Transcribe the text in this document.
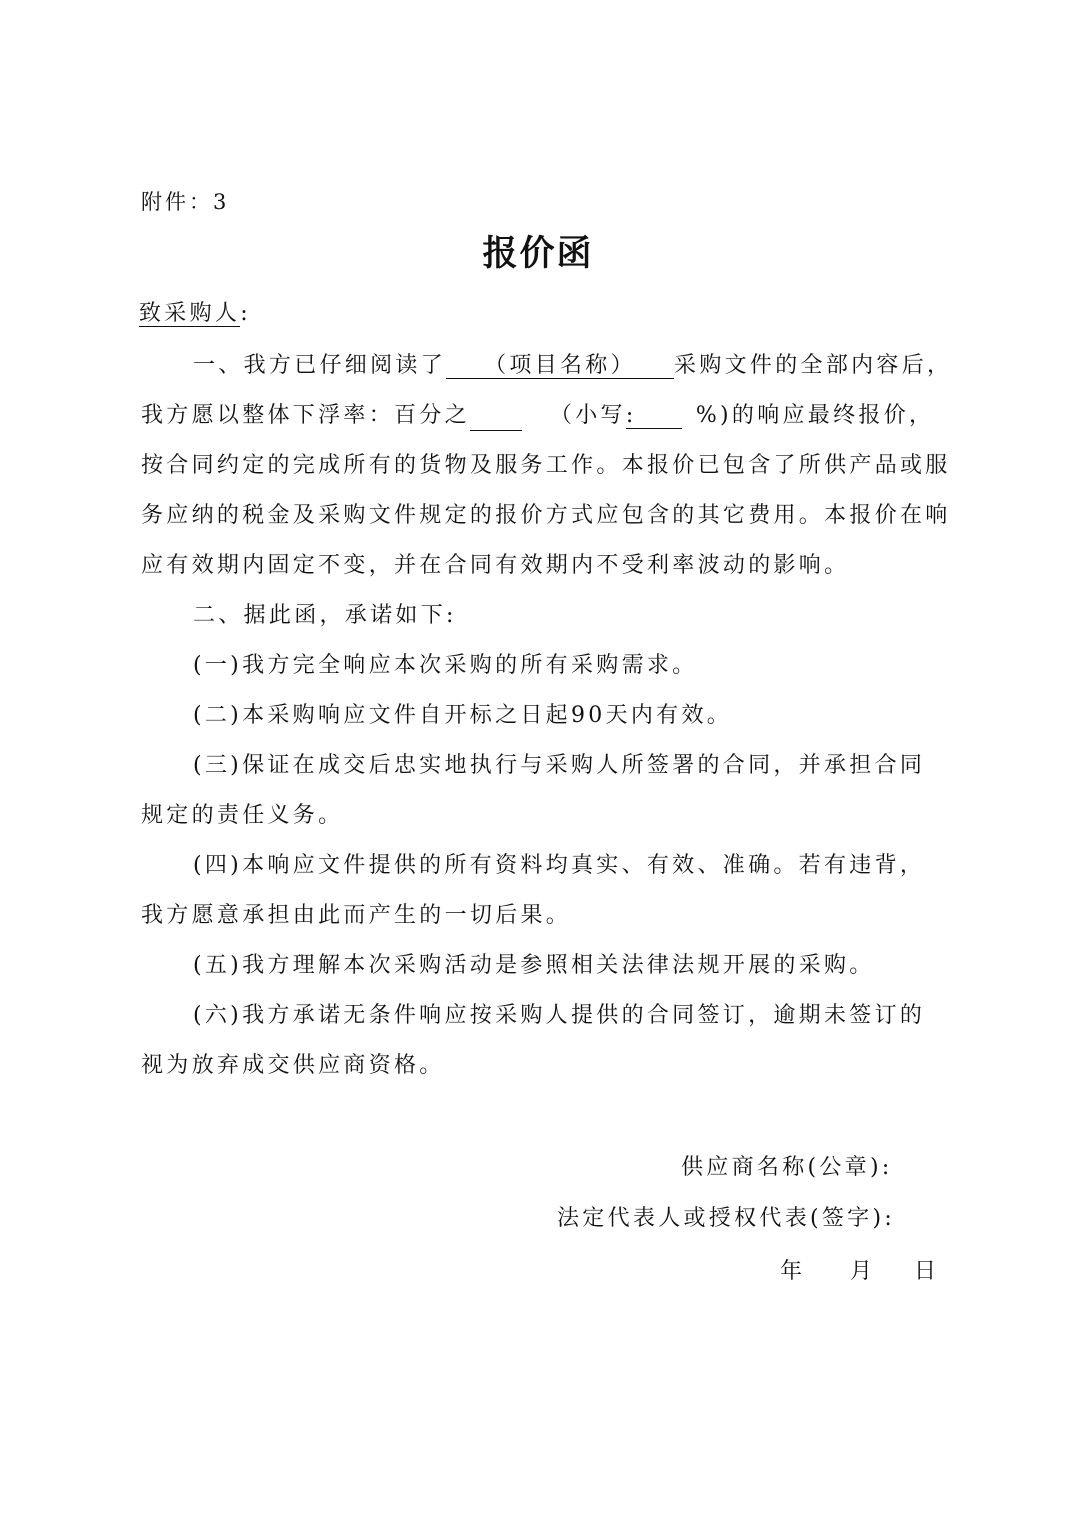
附件：3
报价函
致采购人:
一、我方已仔细阅读了 （项目名称） 采购文件的全部内容后，
我方愿以整体下浮率：百分之	（小写:	%)的响应最终报价，
按合同约定的完成所有的货物及服务工作。本报价已包含了所供产品或服
务应纳的税金及采购文件规定的报价方式应包含的其它费用。本报价在响
应有效期内固定不变，并在合同有效期内不受利率波动的影响。
二、据此函，承诺如下:
(一)我方完全响应本次采购的所有采购需求。
(二)本采购响应文件自开标之日起90天内有效。
(三)保证在成交后忠实地执行与采购人所签署的合同，并承担合同
规定的责任义务。
(四)本响应文件提供的所有资料均真实、有效、准确。若有违背，
我方愿意承担由此而产生的一切后果。
(五)我方理解本次采购活动是参照相关法律法规开展的采购。
(六)我方承诺无条件响应按采购人提供的合同签订，逾期未签订的
视为放弃成交供应商资格。
供应商名称(公章):
法定代表人或授权代表(签字):
年 月 日
